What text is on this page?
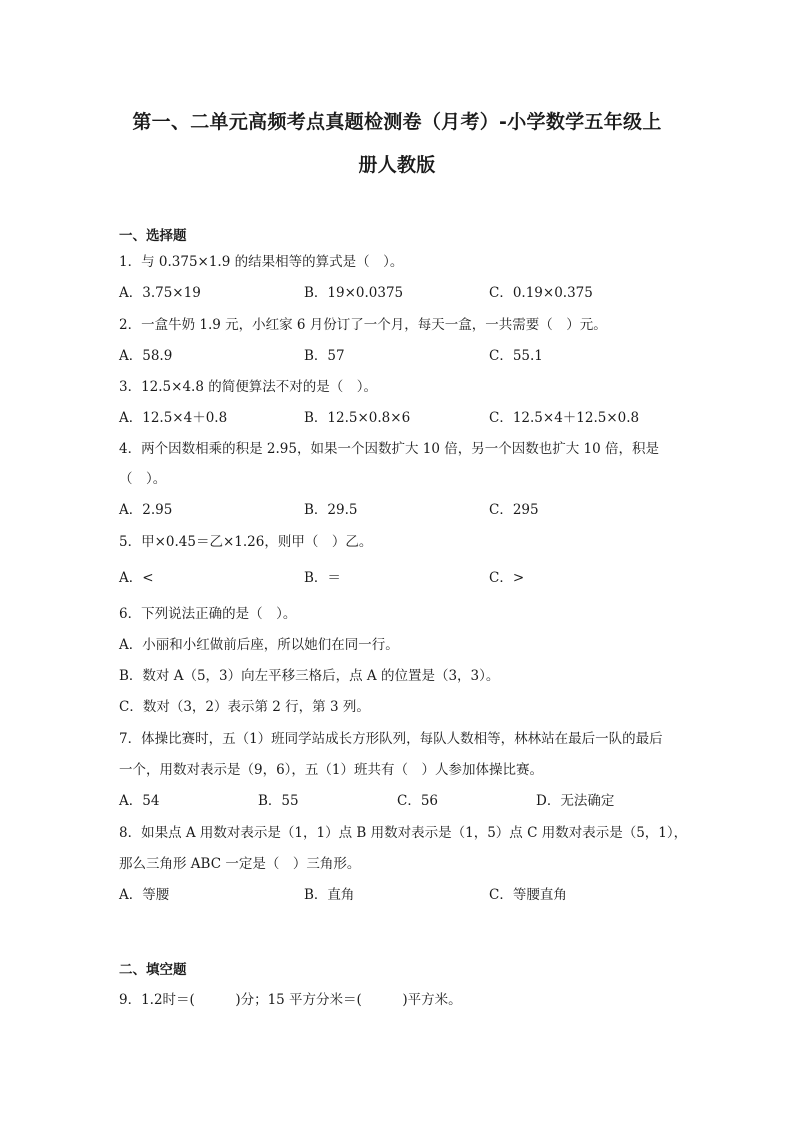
第一、二单元高频考点真题检测卷（月考）-小学数学五年级上
册人教版
一、选择题
1．与 0.375×1.9 的结果相等的算式是（　）。
A．3.75×19	B．19×0.0375	C．0.19×0.375
2．一盒牛奶 1.9 元，小红家 6 月份订了一个月，每天一盒，一共需要（　）元。
A．58.9	B．57	C．55.1
3．12.5×4.8 的简便算法不对的是（　）。
A．12.5×4＋0.8	B．12.5×0.8×6	C．12.5×4＋12.5×0.8
4．两个因数相乘的积是 2.95，如果一个因数扩大 10 倍，另一个因数也扩大 10 倍，积是
（　）。
A．2.95	B．29.5	C．295
5．甲×0.45＝乙×1.26，则甲（　）乙。
A．<	B．＝	C．>
6．下列说法正确的是（　）。
A．小丽和小红做前后座，所以她们在同一行。
B．数对 A（5，3）向左平移三格后，点 A 的位置是（3，3）。
C．数对（3，2）表示第 2 行，第 3 列。
7．体操比赛时，五（1）班同学站成长方形队列，每队人数相等，林林站在最后一队的最后
一个，用数对表示是（9，6），五（1）班共有（　）人参加体操比赛。
A．54	B．55	C．56	D．无法确定
8．如果点 A 用数对表示是（1，1）点 B 用数对表示是（1，5）点 C 用数对表示是（5，1），
那么三角形 ABC 一定是（　）三角形。
A．等腰	B．直角	C．等腰直角
二、填空题
9．1.2时＝(　　　)分；15 平方分米＝(　　　)平方米。
